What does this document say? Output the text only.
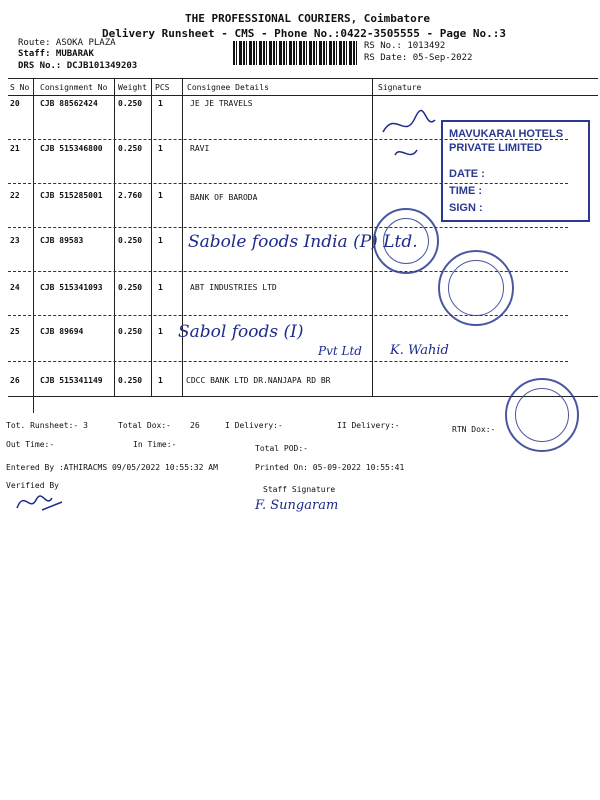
THE PROFESSIONAL COURIERS, Coimbatore
Delivery Runsheet - CMS - Phone No.:0422-3505555 - Page No.:3
Route: ASOKA PLAZA
Staff: MUBARAK
DRS No.: DCJB101349203
RS No.: 1013492
RS Date: 05-Sep-2022
S No Consignment No Weight PCS Consignee Details	Signature
20	CJB 88562424	0.250 1	JE JE TRAVELS
21	CJB 515346800 0.250 1	RAVI
22	CJB 515285001 2.760 1	BANK OF BARODA
23	CJB 89583	0.250 1
24	CJB 515341093 0.250 1	ABT INDUSTRIES LTD
25	CJB 89694	0.250 1
26	CJB 515341149 0.250 1	CDCC BANK LTD DR.NANJAPA RD BR
Sabole foods India (P) Ltd.
Sabol foods (I)
Pvt Ltd K. Wahid
MAVUKARAI HOTELS PRIVATE LIMITED
DATE :
TIME :
SIGN :
Tot. Runsheet:- 3	Total Dox:- 26	I Delivery:-	II Delivery:-	RTN Dox:-
Out Time:-	In Time:-	Total POD:-
Entered By :ATHIRACMS 09/05/2022 10:55:32 AM	Printed On: 05-09-2022 10:55:41
Verified By	Staff Signature
F. Sungaram
